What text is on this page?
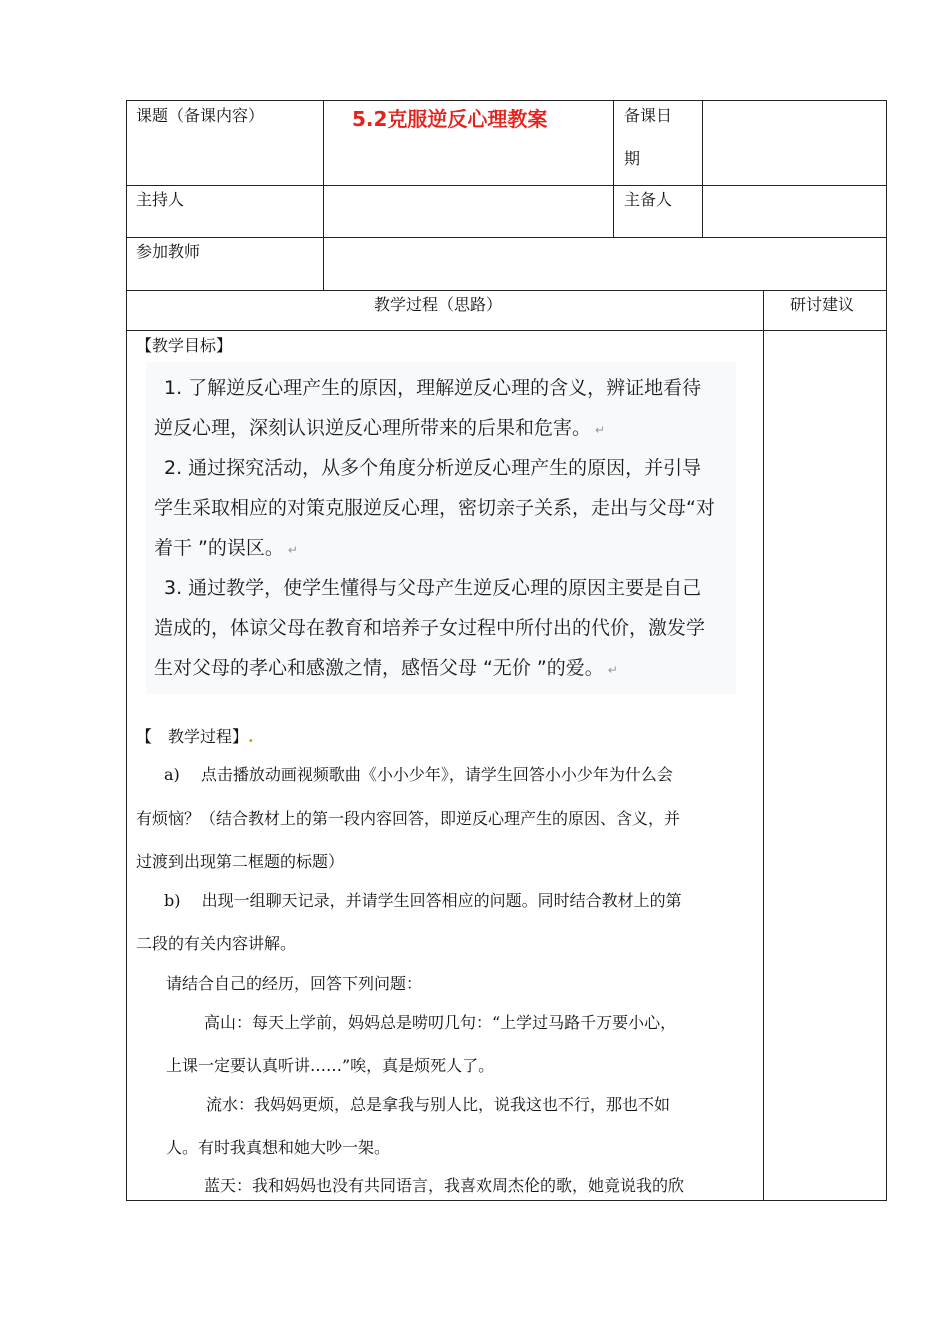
课题（备课内容）	5.2克服逆反心理教案	备课日
期
主持人	主备人
参加教师
教学过程（思路）	研讨建议
【教学目标】
1. 了解逆反心理产生的原因，理解逆反心理的含义，辨证地看待
逆反心理，深刻认识逆反心理所带来的后果和危害。 ↵
2. 通过探究活动，从多个角度分析逆反心理产生的原因，并引导
学生采取相应的对策克服逆反心理，密切亲子关系，走出与父母“对
着干 ”的误区。 ↵
3. 通过教学，使学生懂得与父母产生逆反心理的原因主要是自己
造成的，体谅父母在教育和培养子女过程中所付出的代价，激发学
生对父母的孝心和感激之情，感悟父母 “无价 ”的爱。 ↵
【　教学过程】.
a)　 点击播放动画视频歌曲《小小少年》，请学生回答小小少年为什么会
有烦恼？（结合教材上的第一段内容回答，即逆反心理产生的原因、含义，并
过渡到出现第二框题的标题）
b)　 出现一组聊天记录，并请学生回答相应的问题。同时结合教材上的第
二段的有关内容讲解。
请结合自己的经历，回答下列问题：
高山：每天上学前，妈妈总是唠叨几句：“上学过马路千万要小心，
上课一定要认真听讲……”唉，真是烦死人了。
流水：我妈妈更烦，总是拿我与别人比，说我这也不行，那也不如
人。有时我真想和她大吵一架。
蓝天：我和妈妈也没有共同语言，我喜欢周杰伦的歌，她竟说我的欣
